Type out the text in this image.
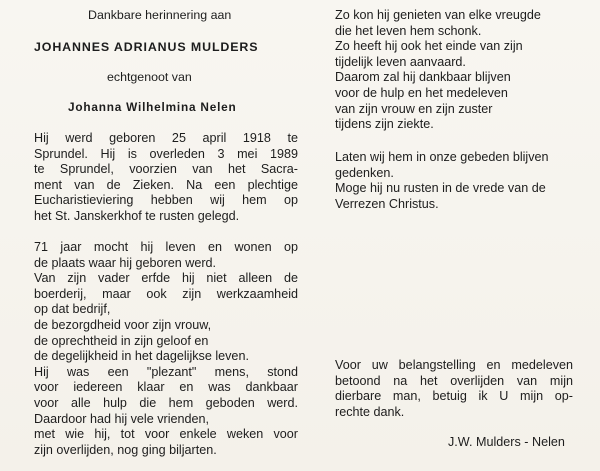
Dankbare herinnering aan
JOHANNES ADRIANUS MULDERS
echtgenoot van
Johanna Wilhelmina Nelen
Hij werd geboren 25 april 1918 te
Sprundel. Hij is overleden 3 mei 1989
te Sprundel, voorzien van het Sacra-
ment van de Zieken. Na een plechtige
Eucharistieviering hebben wij hem op
het St. Janskerkhof te rusten gelegd.
71 jaar mocht hij leven en wonen op
de plaats waar hij geboren werd.
Van zijn vader erfde hij niet alleen de
boerderij, maar ook zijn werkzaamheid
op dat bedrijf,
de bezorgdheid voor zijn vrouw,
de oprechtheid in zijn geloof en
de degelijkheid in het dagelijkse leven.
Hij was een "plezant" mens, stond
voor iedereen klaar en was dankbaar
voor alle hulp die hem geboden werd.
Daardoor had hij vele vrienden,
met wie hij, tot voor enkele weken voor
zijn overlijden, nog ging biljarten.
Zo kon hij genieten van elke vreugde
die het leven hem schonk.
Zo heeft hij ook het einde van zijn
tijdelijk leven aanvaard.
Daarom zal hij dankbaar blijven
voor de hulp en het medeleven
van zijn vrouw en zijn zuster
tijdens zijn ziekte.
Laten wij hem in onze gebeden blijven
gedenken.
Moge hij nu rusten in de vrede van de
Verrezen Christus.
Voor uw belangstelling en medeleven
betoond na het overlijden van mijn
dierbare man, betuig ik U mijn op-
rechte dank.
J.W. Mulders - Nelen
